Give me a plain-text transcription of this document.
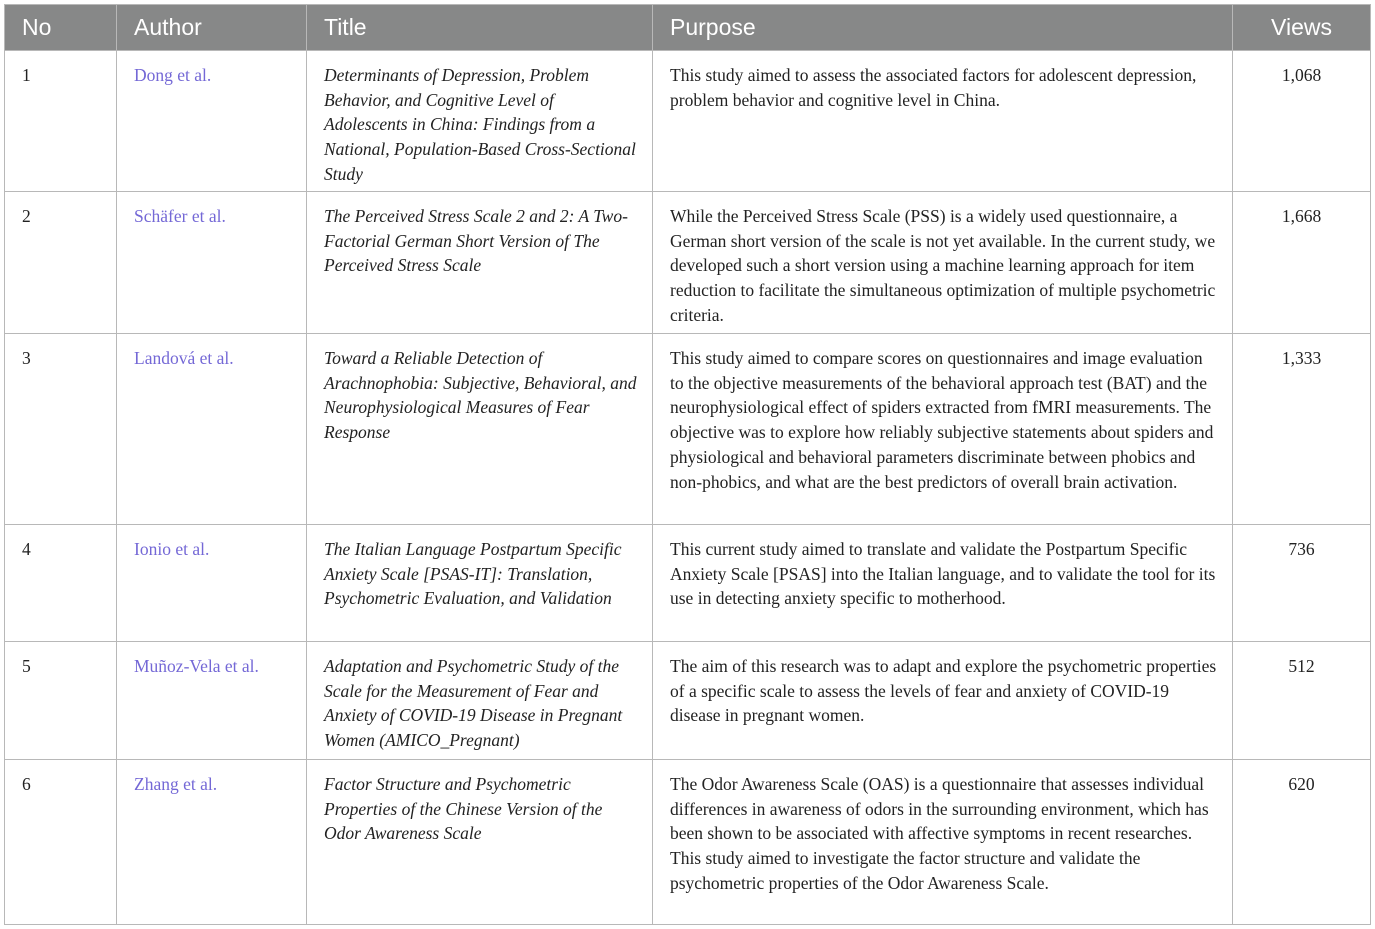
No	Author	Title	Purpose	Views
1	Dong et al.	Determinants of Depression, Problem Behavior, and Cognitive Level of Adolescents in China: Findings from a National, Population-Based Cross-Sectional Study	This study aimed to assess the associated factors for adolescent depression, problem behavior and cognitive level in China.	1,068
2	Schäfer et al.	The Perceived Stress Scale 2 and 2: A Two-Factorial German Short Version of The Perceived Stress Scale	While the Perceived Stress Scale (PSS) is a widely used questionnaire, a German short version of the scale is not yet available. In the current study, we developed such a short version using a machine learning approach for item reduction to facilitate the simultaneous optimization of multiple psychometric criteria.	1,668
3	Landová et al.	Toward a Reliable Detection of Arachnophobia: Subjective, Behavioral, and Neurophysiological Measures of Fear Response	This study aimed to compare scores on questionnaires and image evaluation to the objective measurements of the behavioral approach test (BAT) and the neurophysiological effect of spiders extracted from fMRI measurements. The objective was to explore how reliably subjective statements about spiders and physiological and behavioral parameters discriminate between phobics and non-phobics, and what are the best predictors of overall brain activation.	1,333
4	Ionio et al.	The Italian Language Postpartum Specific Anxiety Scale [PSAS-IT]: Translation, Psychometric Evaluation, and Validation	This current study aimed to translate and validate the Postpartum Specific Anxiety Scale [PSAS] into the Italian language, and to validate the tool for its use in detecting anxiety specific to motherhood.	736
5	Muñoz-Vela et al.	Adaptation and Psychometric Study of the Scale for the Measurement of Fear and Anxiety of COVID-19 Disease in Pregnant Women (AMICO_Pregnant)	The aim of this research was to adapt and explore the psychometric properties of a specific scale to assess the levels of fear and anxiety of COVID-19 disease in pregnant women.	512
6	Zhang et al.	Factor Structure and Psychometric Properties of the Chinese Version of the Odor Awareness Scale	The Odor Awareness Scale (OAS) is a questionnaire that assesses individual differences in awareness of odors in the surrounding environment, which has been shown to be associated with affective symptoms in recent researches. This study aimed to investigate the factor structure and validate the psychometric properties of the Odor Awareness Scale.	620
